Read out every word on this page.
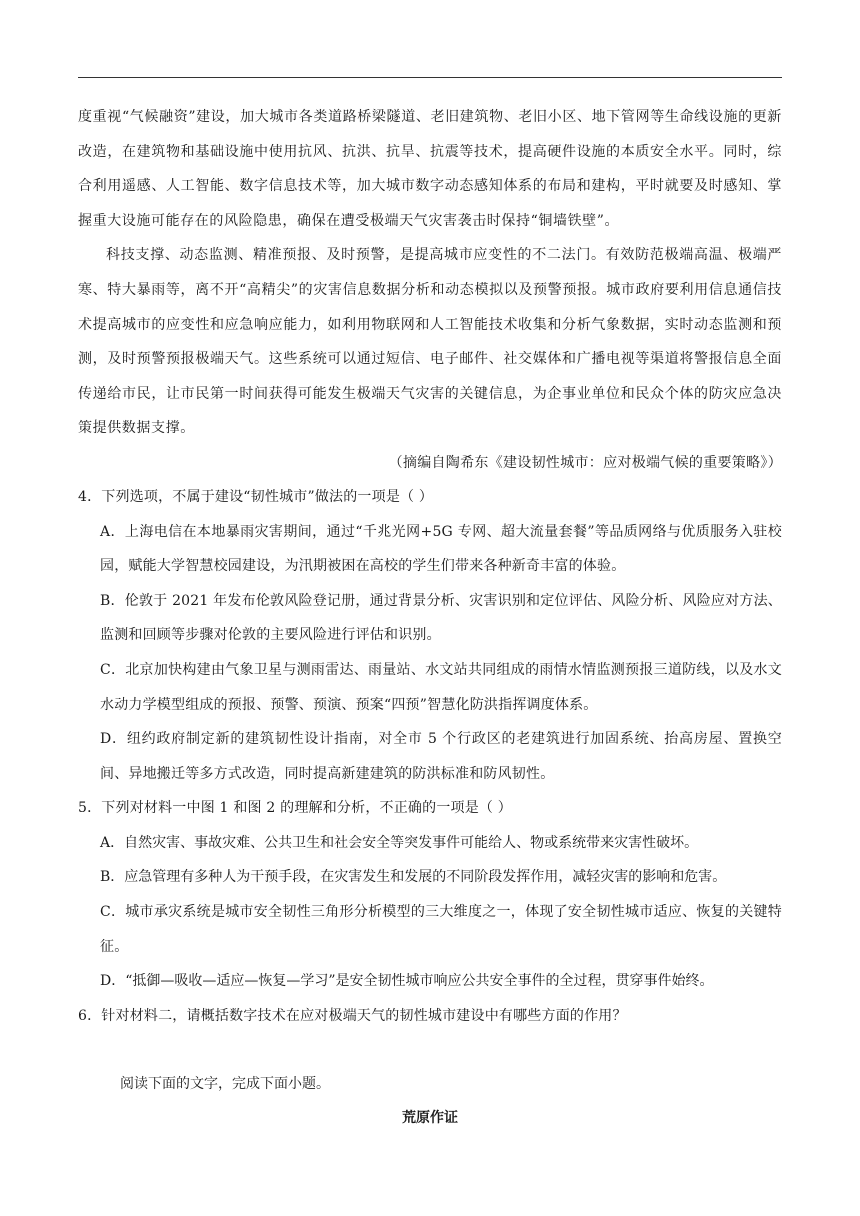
度重视“气候融资”建设，加大城市各类道路桥梁隧道、老旧建筑物、老旧小区、地下管网等生命线设施的更新改造，在建筑物和基础设施中使用抗风、抗洪、抗旱、抗震等技术，提高硬件设施的本质安全水平。同时，综合利用遥感、人工智能、数字信息技术等，加大城市数字动态感知体系的布局和建构，平时就要及时感知、掌握重大设施可能存在的风险隐患，确保在遭受极端天气灾害袭击时保持“铜墙铁壁”。

科技支撑、动态监测、精准预报、及时预警，是提高城市应变性的不二法门。有效防范极端高温、极端严寒、特大暴雨等，离不开“高精尖”的灾害信息数据分析和动态模拟以及预警预报。城市政府要利用信息通信技术提高城市的应变性和应急响应能力，如利用物联网和人工智能技术收集和分析气象数据，实时动态监测和预测，及时预警预报极端天气。这些系统可以通过短信、电子邮件、社交媒体和广播电视等渠道将警报信息全面传递给市民，让市民第一时间获得可能发生极端天气灾害的关键信息，为企事业单位和民众个体的防灾应急决策提供数据支撑。

（摘编自陶希东《建设韧性城市：应对极端气候的重要策略》）

4．下列选项，不属于建设“韧性城市”做法的一项是（ ）

A．上海电信在本地暴雨灾害期间，通过“千兆光网+5G 专网、超大流量套餐”等品质网络与优质服务入驻校园，赋能大学智慧校园建设，为汛期被困在高校的学生们带来各种新奇丰富的体验。

B．伦敦于 2021 年发布伦敦风险登记册，通过背景分析、灾害识别和定位评估、风险分析、风险应对方法、监测和回顾等步骤对伦敦的主要风险进行评估和识别。

C．北京加快构建由气象卫星与测雨雷达、雨量站、水文站共同组成的雨情水情监测预报三道防线，以及水文水动力学模型组成的预报、预警、预演、预案“四预”智慧化防洪指挥调度体系。

D．纽约政府制定新的建筑韧性设计指南，对全市 5 个行政区的老建筑进行加固系统、抬高房屋、置换空间、异地搬迁等多方式改造，同时提高新建建筑的防洪标准和防风韧性。

5．下列对材料一中图 1 和图 2 的理解和分析，不正确的一项是（ ）

A．自然灾害、事故灾难、公共卫生和社会安全等突发事件可能给人、物或系统带来灾害性破坏。

B．应急管理有多种人为干预手段，在灾害发生和发展的不同阶段发挥作用，减轻灾害的影响和危害。

C．城市承灾系统是城市安全韧性三角形分析模型的三大维度之一，体现了安全韧性城市适应、恢复的关键特征。

D．“抵御—吸收—适应—恢复—学习”是安全韧性城市响应公共安全事件的全过程，贯穿事件始终。

6．针对材料二，请概括数字技术在应对极端天气的韧性城市建设中有哪些方面的作用？

阅读下面的文字，完成下面小题。

荒原作证
